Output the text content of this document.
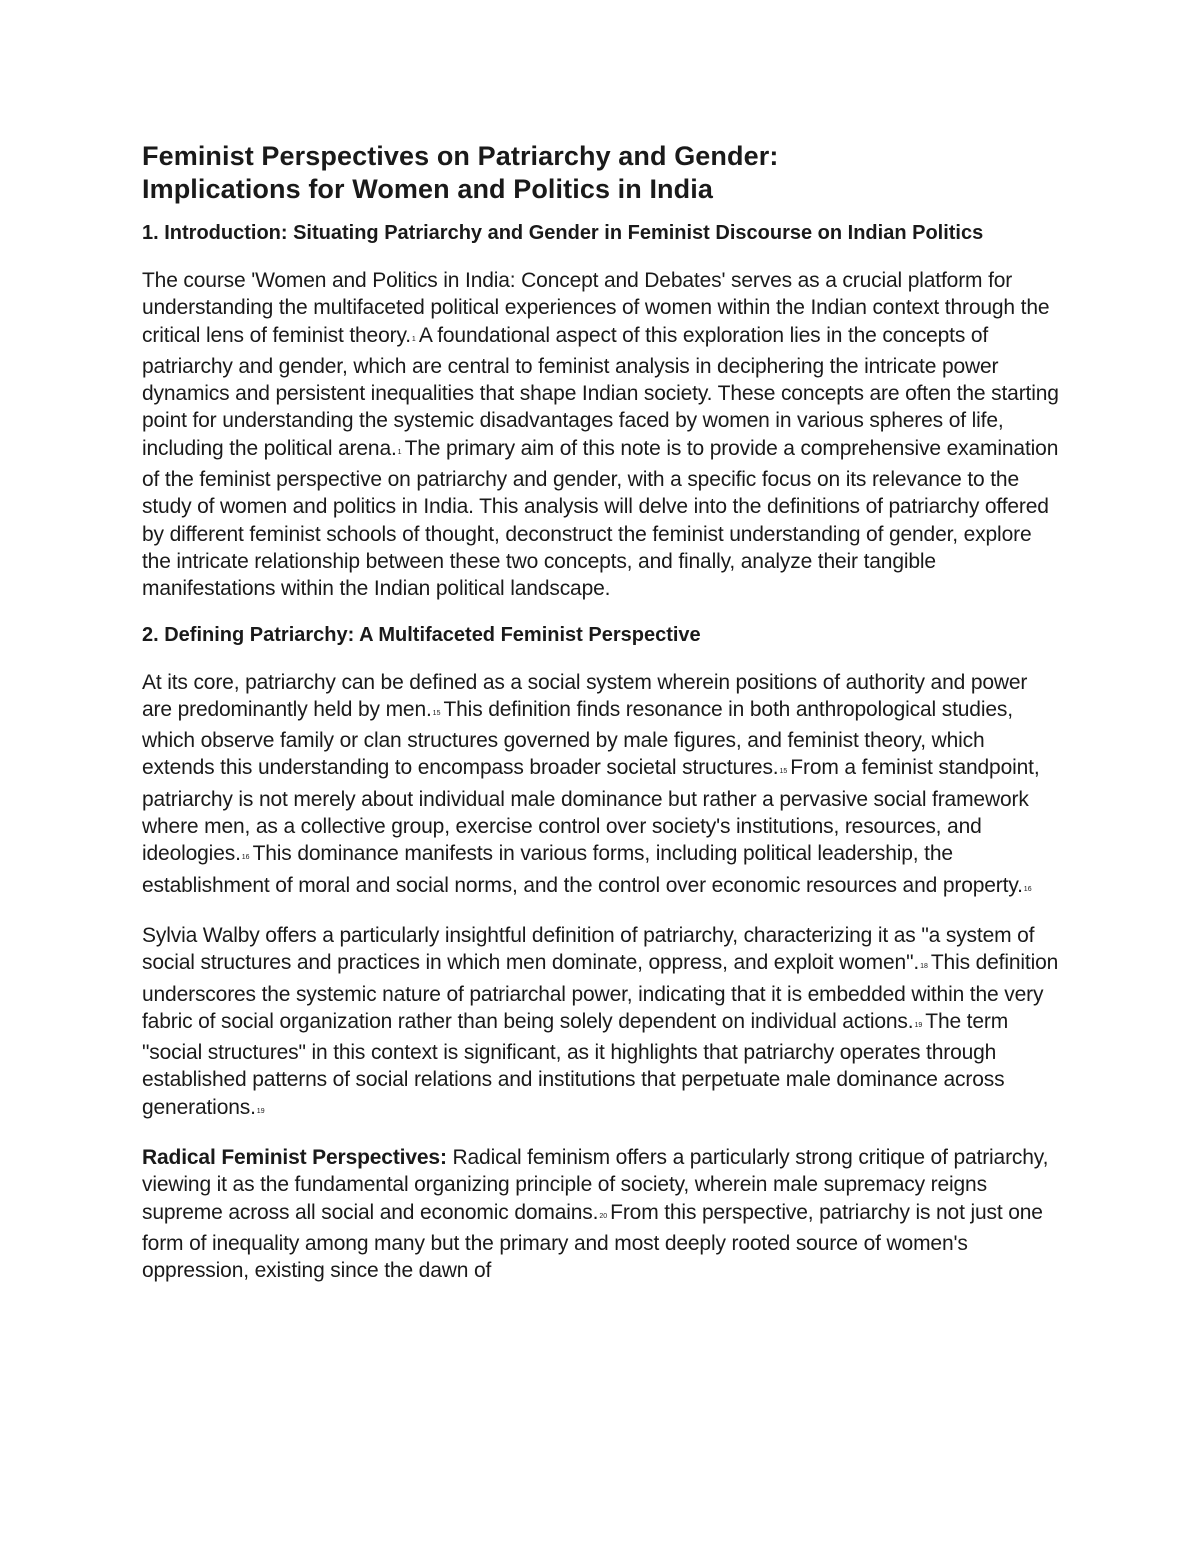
Feminist Perspectives on Patriarchy and Gender:
Implications for Women and Politics in India
1. Introduction: Situating Patriarchy and Gender in Feminist Discourse on Indian Politics

The course 'Women and Politics in India: Concept and Debates' serves as a crucial platform for understanding the multifaceted political experiences of women within the Indian context through the critical lens of feminist theory.$^1$ A foundational aspect of this exploration lies in the concepts of patriarchy and gender, which are central to feminist analysis in deciphering the intricate power dynamics and persistent inequalities that shape Indian society. These concepts are often the starting point for understanding the systemic disadvantages faced by women in various spheres of life, including the political arena.$^1$ The primary aim of this note is to provide a comprehensive examination of the feminist perspective on patriarchy and gender, with a specific focus on its relevance to the study of women and politics in India. This analysis will delve into the definitions of patriarchy offered by different feminist schools of thought, deconstruct the feminist understanding of gender, explore the intricate relationship between these two concepts, and finally, analyze their tangible manifestations within the Indian political landscape.

2. Defining Patriarchy: A Multifaceted Feminist Perspective

At its core, patriarchy can be defined as a social system wherein positions of authority and power are predominantly held by men.$^{15}$ This definition finds resonance in both anthropological studies, which observe family or clan structures governed by male figures, and feminist theory, which extends this understanding to encompass broader societal structures.$^{15}$ From a feminist standpoint, patriarchy is not merely about individual male dominance but rather a pervasive social framework where men, as a collective group, exercise control over society's institutions, resources, and ideologies.$^{16}$ This dominance manifests in various forms, including political leadership, the establishment of moral and social norms, and the control over economic resources and property.$^{16}$

Sylvia Walby offers a particularly insightful definition of patriarchy, characterizing it as "a system of social structures and practices in which men dominate, oppress, and exploit women".$^{18}$ This definition underscores the systemic nature of patriarchal power, indicating that it is embedded within the very fabric of social organization rather than being solely dependent on individual actions.$^{19}$ The term "social structures" in this context is significant, as it highlights that patriarchy operates through established patterns of social relations and institutions that perpetuate male dominance across generations.$^{19}$

Radical Feminist Perspectives: Radical feminism offers a particularly strong critique of patriarchy, viewing it as the fundamental organizing principle of society, wherein male supremacy reigns supreme across all social and economic domains.$^{20}$ From this perspective, patriarchy is not just one form of inequality among many but the primary and most deeply rooted source of women's oppression, existing since the dawn of
